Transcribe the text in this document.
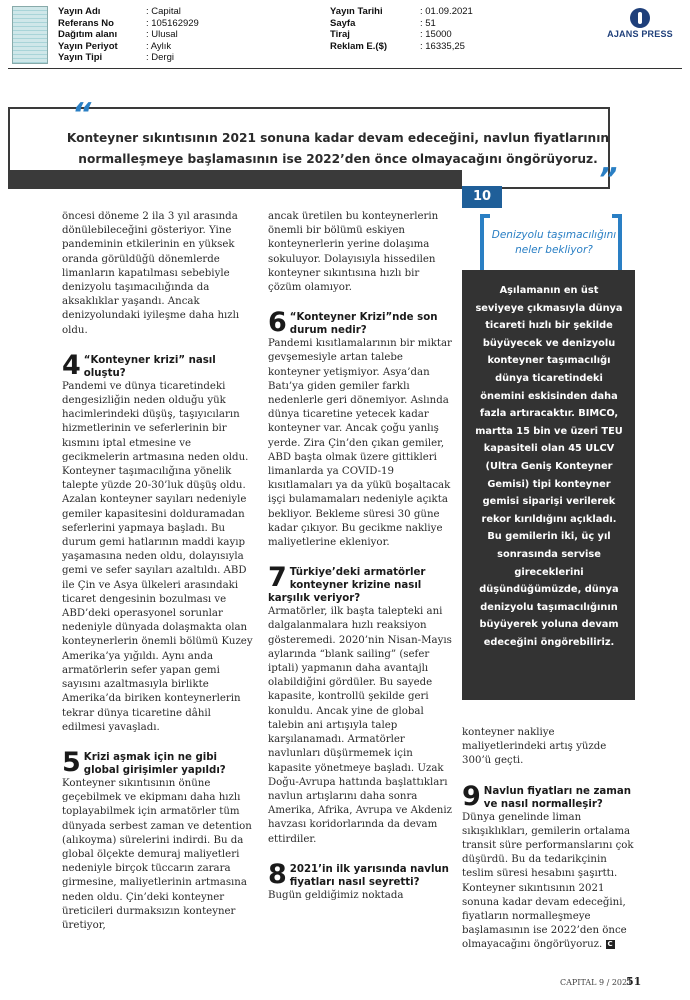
Yayın Adı	: Capital
Referans No	: 105162929
Dağıtım alanı	: Ulusal
Yayın Periyot	: Aylık
Yayın Tipi	: Dergi
Yayın Tarihi	: 01.09.2021
Sayfa	: 51
Tiraj	: 15000
Reklam E.($)	: 16335,25
AJANS PRESS
“
Konteyner sıkıntısının 2021 sonuna kadar devam edeceğini, navlun fiyatlarının normalleşmeye başlamasının ise 2022’den önce olmayacağını öngörüyoruz.
”

öncesi döneme 2 ila 3 yıl arasında dönülebileceğini gösteriyor. Yine pandeminin etkilerinin en yüksek oranda görüldüğü dönemlerde limanların kapatılması sebebiyle denizyolu taşımacılığında da aksaklıklar yaşandı. Ancak denizyolundaki iyileşme daha hızlı oldu.

4 “Konteyner krizi” nasıl oluştu?
Pandemi ve dünya ticaretindeki dengesizliğin neden olduğu yük hacimlerindeki düşüş, taşıyıcıların hizmetlerinin ve seferlerinin bir kısmını iptal etmesine ve gecikmelerin artmasına neden oldu. Konteyner taşımacılığına yönelik talepte yüzde 20-30’luk düşüş oldu. Azalan konteyner sayıları nedeniyle gemiler kapasitesini dolduramadan seferlerini yapmaya başladı. Bu durum gemi hatlarının maddi kayıp yaşamasına neden oldu, dolayısıyla gemi ve sefer sayıları azaltıldı. ABD ile Çin ve Asya ülkeleri arasındaki ticaret dengesinin bozulması ve ABD’deki operasyonel sorunlar nedeniyle dünyada dolaşmakta olan konteynerlerin önemli bölümü Kuzey Amerika’ya yığıldı. Aynı anda armatörlerin sefer yapan gemi sayısını azaltmasıyla birlikte Amerika’da biriken konteynerlerin tekrar dünya ticaretine dâhil edilmesi yavaşladı.
5 Krizi aşmak için ne gibi global girişimler yapıldı?
Konteyner sıkıntısının önüne geçebilmek ve ekipmanı daha hızlı toplayabilmek için armatörler tüm dünyada serbest zaman ve detention (alıkoyma) sürelerini indirdi. Bu da global ölçekte demuraj maliyetleri nedeniyle birçok tüccarın zarara girmesine, maliyetlerinin artmasına neden oldu. Çin’deki konteyner üreticileri durmaksızın konteyner üretiyor,

ancak üretilen bu konteynerlerin önemli bir bölümü eskiyen konteynerlerin yerine dolaşıma sokuluyor. Dolayısıyla hissedilen konteyner sıkıntısına hızlı bir çözüm olamıyor.

6 “Konteyner Krizi”nde son durum nedir?
Pandemi kısıtlamalarının bir miktar gevşemesiyle artan talebe konteyner yetişmiyor. Asya’dan Batı’ya giden gemiler farklı nedenlerle geri dönemiyor. Aslında dünya ticaretine yetecek kadar konteyner var. Ancak çoğu yanlış yerde. Zira Çin’den çıkan gemiler, ABD başta olmak üzere gittikleri limanlarda ya COVID-19 kısıtlamaları ya da yükü boşaltacak işçi bulamamaları nedeniyle açıkta bekliyor. Bekleme süresi 30 güne kadar çıkıyor. Bu gecikme nakliye maliyetlerine ekleniyor.
7 Türkiye’deki armatörler konteyner krizine nasıl karşılık veriyor?
Armatörler, ilk başta talepteki ani dalgalanmalara hızlı reaksiyon gösteremedi. 2020’nin Nisan-Mayıs aylarında “blank sailing” (sefer iptali) yapmanın daha avantajlı olabildiğini gördüler. Bu sayede kapasite, kontrollü şekilde geri konuldu. Ancak yine de global talebin ani artışıyla talep karşılanamadı. Armatörler navlunları düşürmemek için kapasite yönetmeye başladı. Uzak Doğu-Avrupa hattında başlattıkları navlun artışlarını daha sonra Amerika, Afrika, Avrupa ve Akdeniz havzası koridorlarında da devam ettirdiler.
8 2021’in ilk yarısında navlun fiyatları nasıl seyretti?
Bugün geldiğimiz noktada
10
Denizyolu taşımacılığını neler bekliyor?
Aşılamanın en üst seviyeye çıkmasıyla dünya ticareti hızlı bir şekilde büyüyecek ve denizyolu konteyner taşımacılığı dünya ticaretindeki önemini eskisinden daha fazla artıracaktır. BIMCO, martta 15 bin ve üzeri TEU kapasiteli olan 45 ULCV (Ultra Geniş Konteyner Gemisi) tipi konteyner gemisi siparişi verilerek rekor kırıldığını açıkladı. Bu gemilerin iki, üç yıl sonrasında servise gireceklerini düşündüğümüzde, dünya denizyolu taşımacılığının büyüyerek yoluna devam edeceğini öngörebiliriz.

konteyner nakliye maliyetlerindeki artış yüzde 300’ü geçti.

9 Navlun fiyatları ne zaman ve nasıl normalleşir?
Dünya genelinde liman sıkışıklıkları, gemilerin ortalama transit süre performanslarını çok düşürdü. Bu da tedarikçinin teslim süresi hesabını şaşırttı. Konteyner sıkıntısının 2021 sonuna kadar devam edeceğini, fiyatların normalleşmeye başlamasının ise 2022’den önce olmayacağını öngörüyoruz. C
CAPITAL 9 / 2021
51
